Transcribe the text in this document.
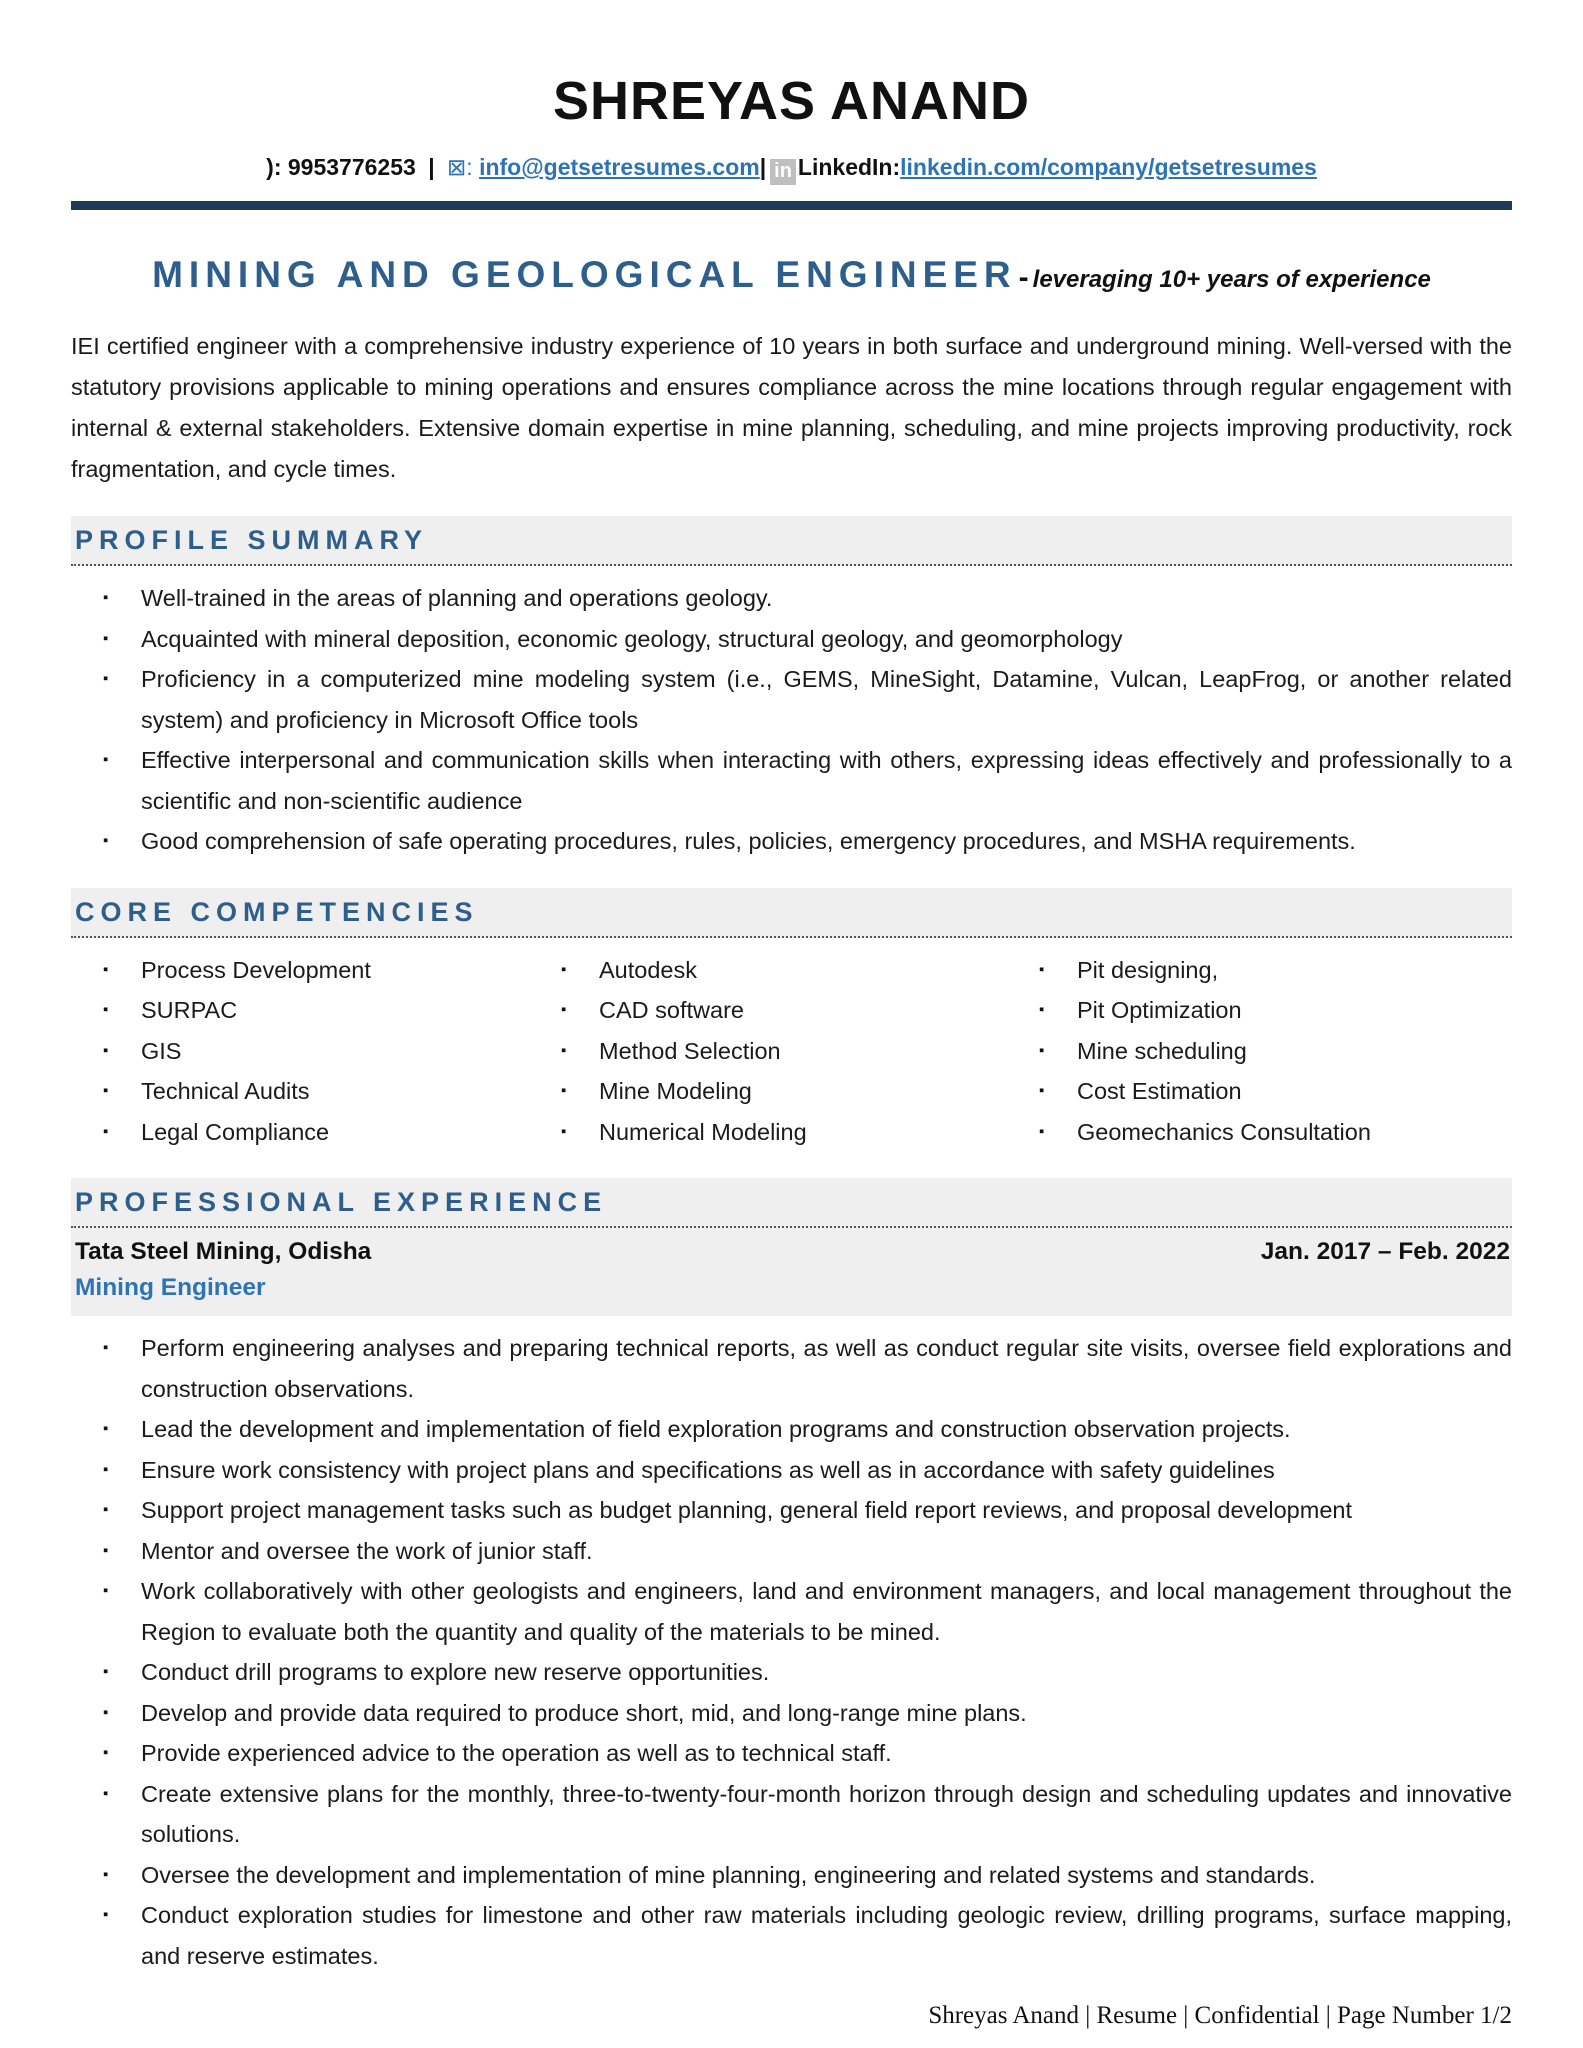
SHREYAS ANAND
): 9953776253 | ⊠: info@getsetresumes.com| in LinkedIn:linkedin.com/company/getsetresumes
MINING AND GEOLOGICAL ENGINEER- leveraging 10+ years of experience

IEI certified engineer with a comprehensive industry experience of 10 years in both surface and underground mining. Well-versed with the statutory provisions applicable to mining operations and ensures compliance across the mine locations through regular engagement with internal & external stakeholders. Extensive domain expertise in mine planning, scheduling, and mine projects improving productivity, rock fragmentation, and cycle times.

PROFILE SUMMARY
▪ Well-trained in the areas of planning and operations geology.
▪ Acquainted with mineral deposition, economic geology, structural geology, and geomorphology
▪ Proficiency in a computerized mine modeling system (i.e., GEMS, MineSight, Datamine, Vulcan, LeapFrog, or another related system) and proficiency in Microsoft Office tools
▪ Effective interpersonal and communication skills when interacting with others, expressing ideas effectively and professionally to a scientific and non-scientific audience
▪ Good comprehension of safe operating procedures, rules, policies, emergency procedures, and MSHA requirements.
CORE COMPETENCIES
▪ Process Development
▪ SURPAC
▪ GIS
▪ Technical Audits
▪ Legal Compliance
▪ Autodesk
▪ CAD software
▪ Method Selection
▪ Mine Modeling
▪ Numerical Modeling
▪ Pit designing,
▪ Pit Optimization
▪ Mine scheduling
▪ Cost Estimation
▪ Geomechanics Consultation
PROFESSIONAL EXPERIENCE
Tata Steel Mining, Odisha	Jan. 2017 – Feb. 2022
Mining Engineer
▪ Perform engineering analyses and preparing technical reports, as well as conduct regular site visits, oversee field explorations and construction observations.
▪ Lead the development and implementation of field exploration programs and construction observation projects.
▪ Ensure work consistency with project plans and specifications as well as in accordance with safety guidelines
▪ Support project management tasks such as budget planning, general field report reviews, and proposal development
▪ Mentor and oversee the work of junior staff.
▪ Work collaboratively with other geologists and engineers, land and environment managers, and local management throughout the Region to evaluate both the quantity and quality of the materials to be mined.
▪ Conduct drill programs to explore new reserve opportunities.
▪ Develop and provide data required to produce short, mid, and long-range mine plans.
▪ Provide experienced advice to the operation as well as to technical staff.
▪ Create extensive plans for the monthly, three-to-twenty-four-month horizon through design and scheduling updates and innovative solutions.
▪ Oversee the development and implementation of mine planning, engineering and related systems and standards.
▪ Conduct exploration studies for limestone and other raw materials including geologic review, drilling programs, surface mapping, and reserve estimates.
Shreyas Anand | Resume | Confidential | Page Number 1/2
